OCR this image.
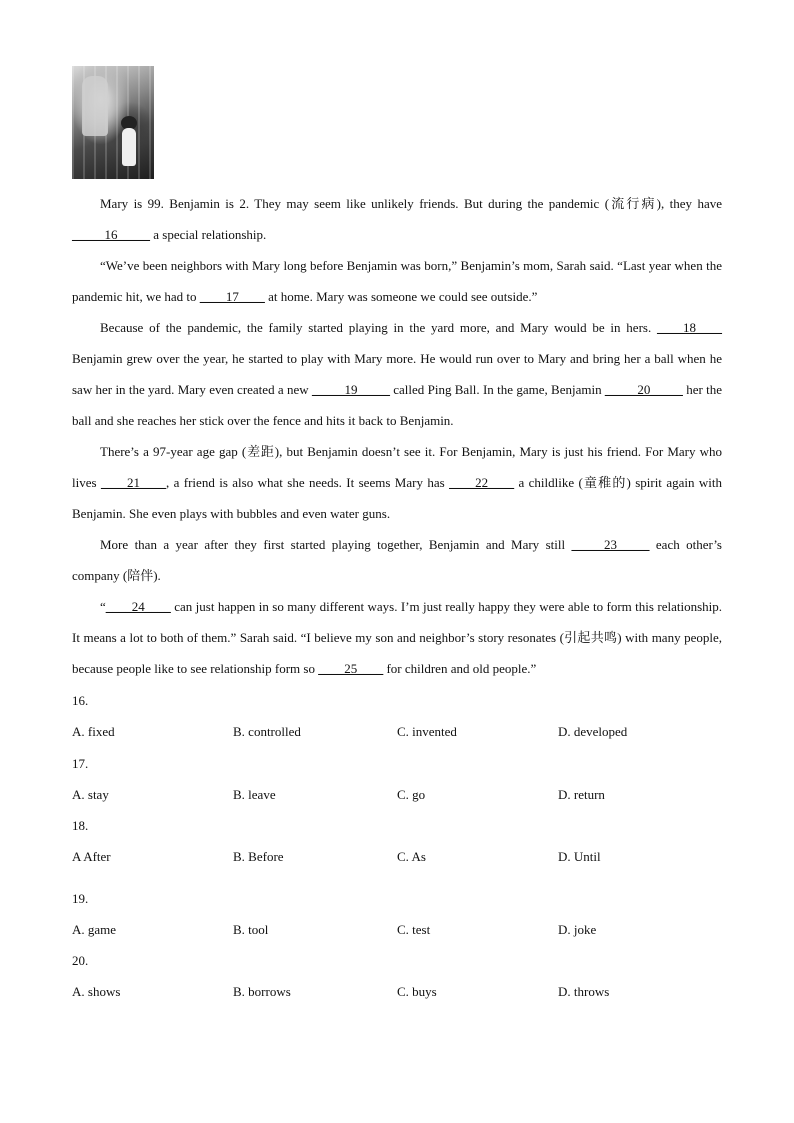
Mary is 99. Benjamin is 2. They may seem like unlikely friends. But during the pandemic (流行病), they have _____16_____ a special relationship.

“We’ve been neighbors with Mary long before Benjamin was born,” Benjamin’s mom, Sarah said. “Last year when the pandemic hit, we had to ____17____ at home. Mary was someone we could see outside.”

Because of the pandemic, the family started playing in the yard more, and Mary would be in hers. ____18____ Benjamin grew over the year, he started to play with Mary more. He would run over to Mary and bring her a ball when he saw her in the yard. Mary even created a new _____19_____ called Ping Ball. In the game, Benjamin _____20_____ her the ball and she reaches her stick over the fence and hits it back to Benjamin.

There’s a 97-year age gap (差距), but Benjamin doesn’t see it. For Benjamin, Mary is just his friend. For Mary who lives ____21____, a friend is also what she needs. It seems Mary has ____22____ a childlike (童稚的) spirit again with Benjamin. She even plays with bubbles and even water guns.

More than a year after they first started playing together, Benjamin and Mary still _____23_____ each other’s company (陪伴).

“____24____ can just happen in so many different ways. I’m just really happy they were able to form this relationship. It means a lot to both of them.” Sarah said. “I believe my son and neighbor’s story resonates (引起共鸣) with many people, because people like to see relationship form so ____25____ for children and old people.”

16.
A. fixed	B. controlled	C. invented	D. developed
17.
A. stay	B. leave	C. go	D. return
18.
A After	B. Before	C. As	D. Until
19.
A. game	B. tool	C. test	D. joke
20.
A. shows	B. borrows	C. buys	D. throws
